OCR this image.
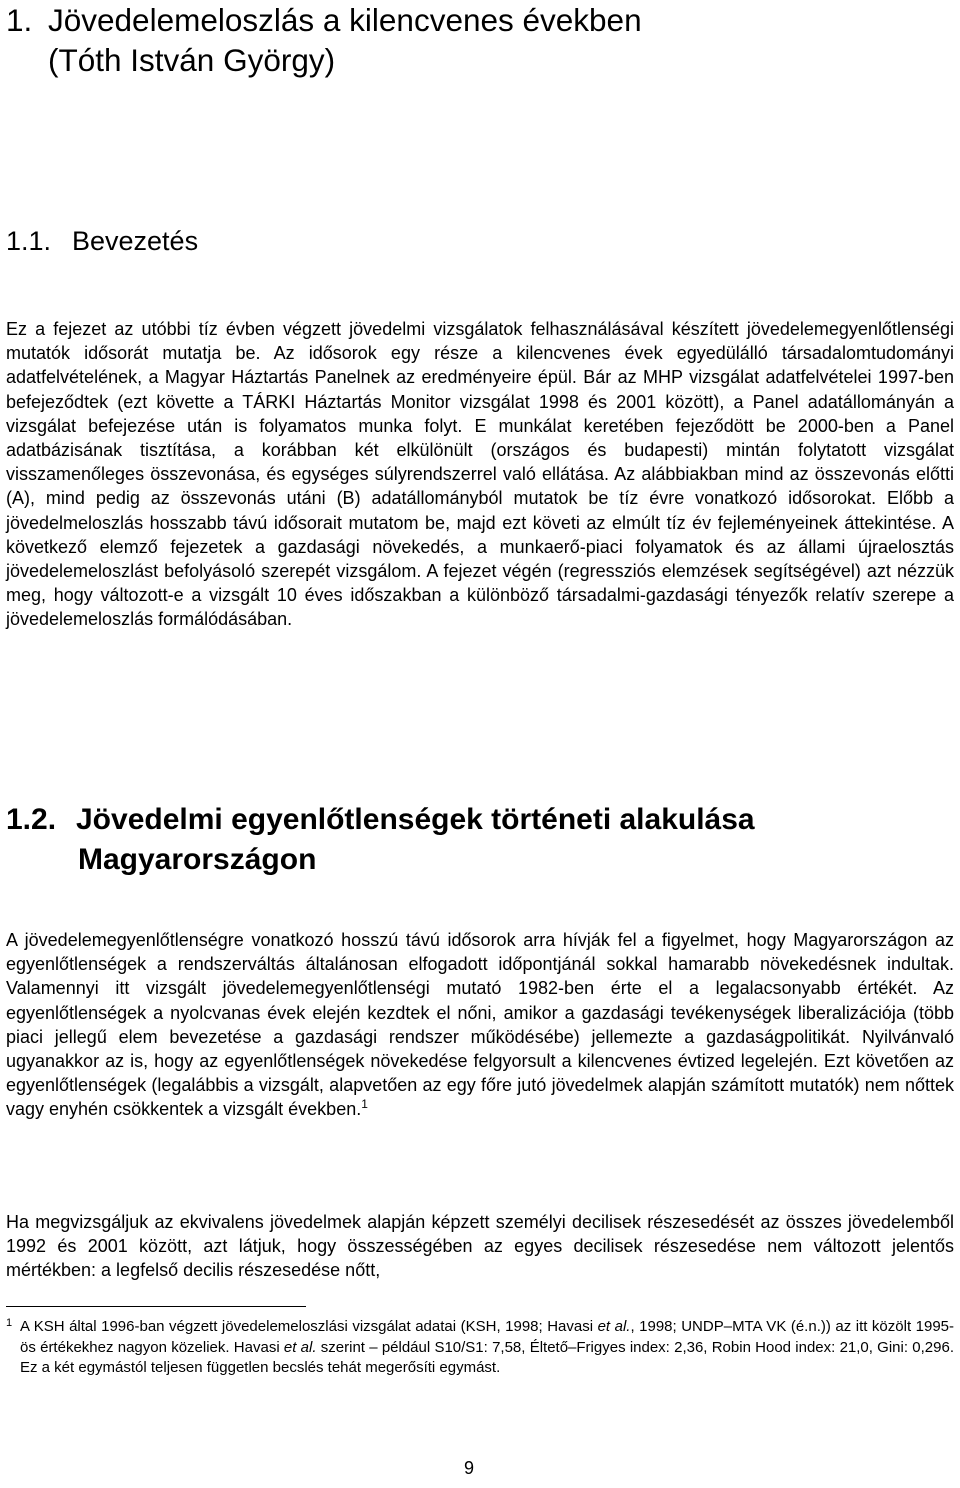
1. Jövedelemeloszlás a kilencvenes években
(Tóth István György)
1.1. Bevezetés

Ez a fejezet az utóbbi tíz évben végzett jövedelmi vizsgálatok felhasználásával készített jövedelemegyenlőtlenségi mutatók idősorát mutatja be. Az idősorok egy része a kilencvenes évek egyedülálló társadalomtudományi adatfelvételének, a Magyar Háztartás Panelnek az eredményeire épül. Bár az MHP vizsgálat adatfelvételei 1997-ben befejeződtek (ezt követte a TÁRKI Háztartás Monitor vizsgálat 1998 és 2001 között), a Panel adatállományán a vizsgálat befejezése után is folyamatos munka folyt. E munkálat keretében fejeződött be 2000-ben a Panel adatbázisának tisztítása, a korábban két elkülönült (országos és budapesti) mintán folytatott vizsgálat visszamenőleges összevonása, és egységes súlyrendszerrel való ellátása. Az alábbiakban mind az összevonás előtti (A), mind pedig az összevonás utáni (B) adatállományból mutatok be tíz évre vonatkozó idősorokat. Előbb a jövedelmeloszlás hosszabb távú idősorait mutatom be, majd ezt követi az elmúlt tíz év fejleményeinek áttekintése. A következő elemző fejezetek a gazdasági növekedés, a munkaerő-piaci folyamatok és az állami újraelosztás jövedelemeloszlást befolyásoló szerepét vizsgálom. A fejezet végén (regressziós elemzések segítségével) azt nézzük meg, hogy változott-e a vizsgált 10 éves időszakban a különböző társadalmi-gazdasági tényezők relatív szerepe a jövedelemeloszlás formálódásában.

1.2. Jövedelmi egyenlőtlenségek történeti alakulása
Magyarországon

A jövedelemegyenlőtlenségre vonatkozó hosszú távú idősorok arra hívják fel a figyelmet, hogy Magyarországon az egyenlőtlenségek a rendszerváltás általánosan elfogadott időpontjánál sokkal hamarabb növekedésnek indultak. Valamennyi itt vizsgált jövedelemegyenlőtlenségi mutató 1982-ben érte el a legalacsonyabb értékét. Az egyenlőtlenségek a nyolcvanas évek elején kezdtek el nőni, amikor a gazdasági tevékenységek liberalizációja (több piaci jellegű elem bevezetése a gazdasági rendszer működésébe) jellemezte a gazdaságpolitikát. Nyilvánvaló ugyanakkor az is, hogy az egyenlőtlenségek növekedése felgyorsult a kilencvenes évtized legelején. Ezt követően az egyenlőtlenségek (legalábbis a vizsgált, alapvetően az egy főre jutó jövedelmek alapján számított mutatók) nem nőttek vagy enyhén csökkentek a vizsgált években.$^1$

Ha megvizsgáljuk az ekvivalens jövedelmek alapján képzett személyi decilisek részesedését az összes jövedelemből 1992 és 2001 között, azt látjuk, hogy összességében az egyes decilisek részesedése nem változott jelentős mértékben: a legfelső decilis részesedése nőtt,

1 A KSH által 1996-ban végzett jövedelemeloszlási vizsgálat adatai (KSH, 1998; Havasi et al., 1998; UNDP–MTA VK (é.n.)) az itt közölt 1995-ös értékekhez nagyon közeliek. Havasi et al. szerint – például S10/S1: 7,58, Éltető–Frigyes index: 2,36, Robin Hood index: 21,0, Gini: 0,296. Ez a két egymástól teljesen független becslés tehát megerősíti egymást.
9
